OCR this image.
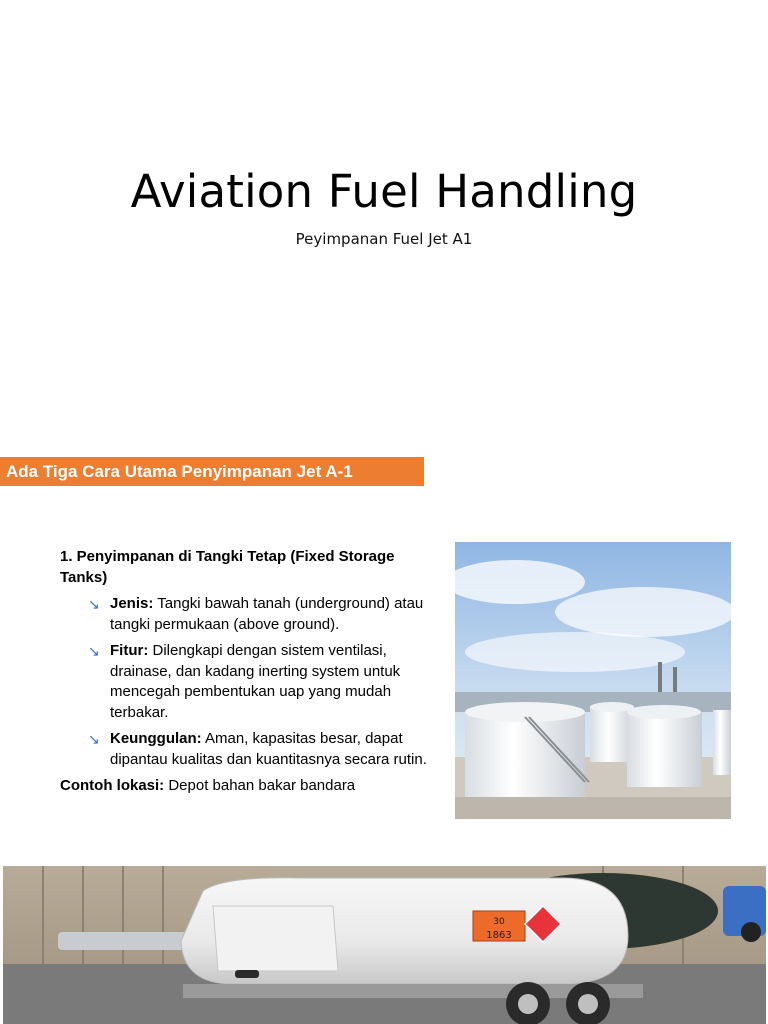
Aviation Fuel Handling
Peyimpanan Fuel Jet A1
Ada Tiga Cara Utama Penyimpanan Jet A-1
1. Penyimpanan di Tangki Tetap (Fixed Storage Tanks)
↘ Jenis: Tangki bawah tanah (underground) atau tangki permukaan (above ground).
↘ Fitur: Dilengkapi dengan sistem ventilasi, drainase, dan kadang inerting system untuk mencegah pembentukan uap yang mudah terbakar.
↘ Keunggulan: Aman, kapasitas besar, dapat dipantau kualitas dan kuantitasnya secara rutin.
Contoh lokasi: Depot bahan bakar bandara
30
1863
